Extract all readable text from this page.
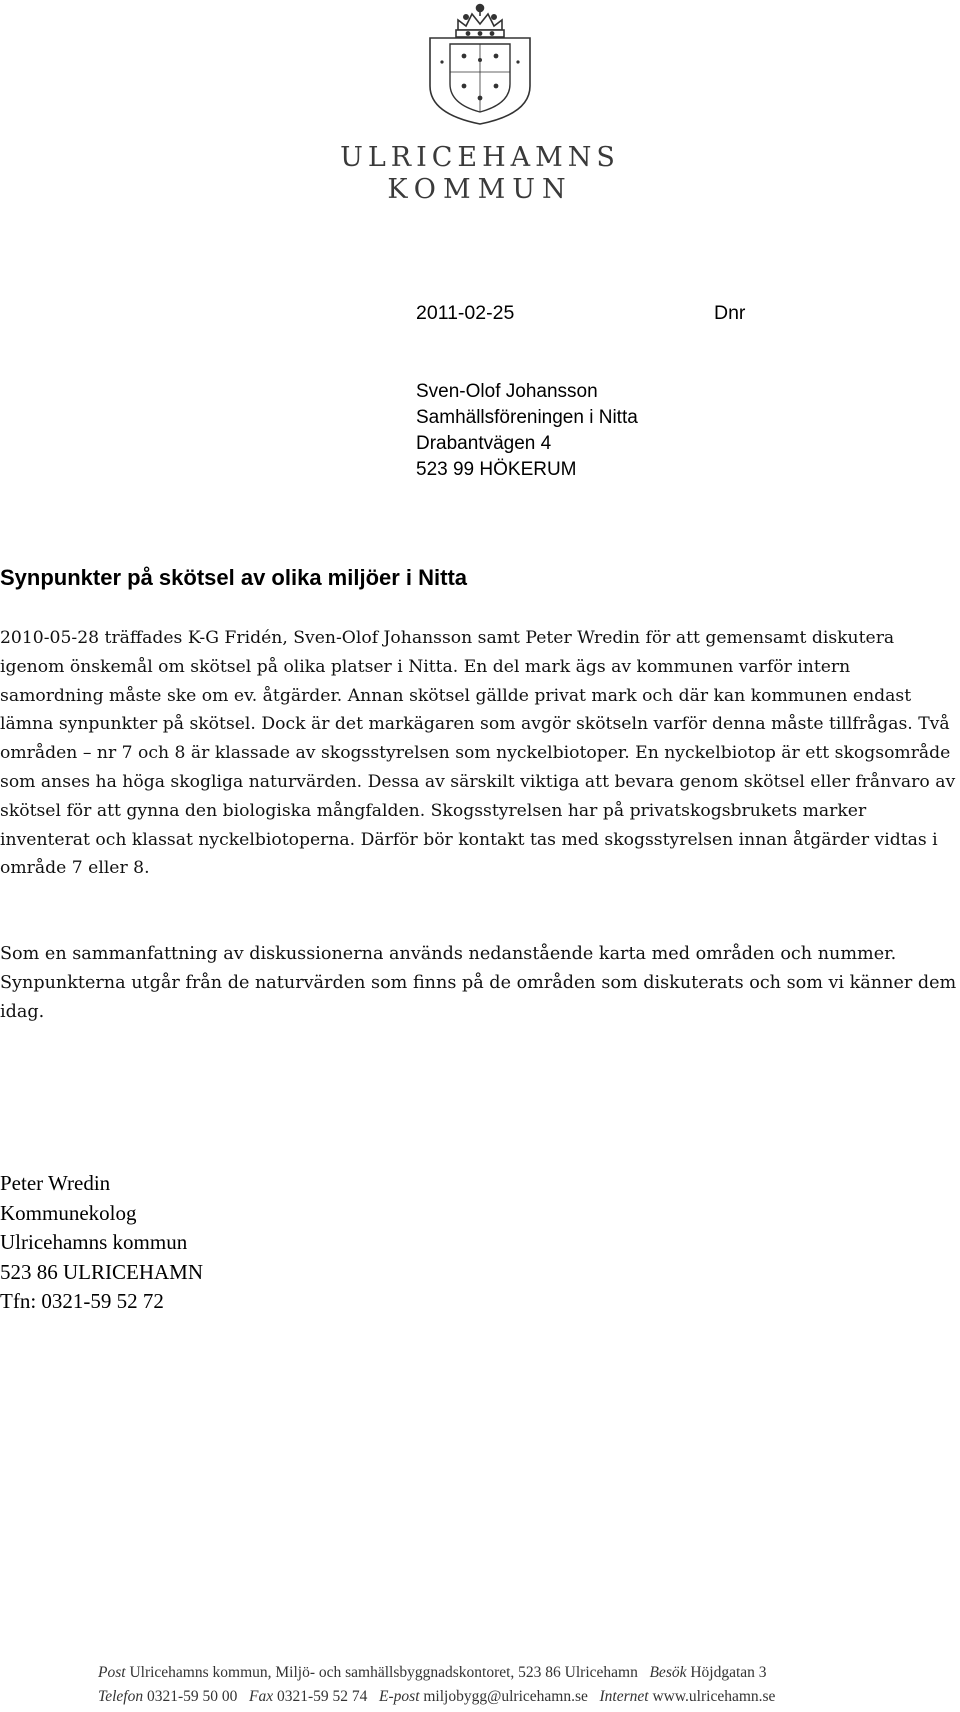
ULRICEHAMNS
KOMMUN
2011-02-25	Dnr
Sven-Olof Johansson
Samhällsföreningen i Nitta
Drabantvägen 4
523 99 HÖKERUM
Synpunkter på skötsel av olika miljöer i Nitta
2010-05-28 träffades K-G Fridén, Sven-Olof Johansson samt Peter Wredin för att gemensamt diskutera igenom önskemål om skötsel på olika platser i Nitta. En del mark ägs av kommunen varför intern samordning måste ske om ev. åtgärder. Annan skötsel gällde privat mark och där kan kommunen endast lämna synpunkter på skötsel. Dock är det markägaren som avgör skötseln varför denna måste tillfrågas. Två områden – nr 7 och 8 är klassade av skogsstyrelsen som nyckelbiotoper. En nyckelbiotop är ett skogsområde som anses ha höga skogliga naturvärden. Dessa av särskilt viktiga att bevara genom skötsel eller frånvaro av skötsel för att gynna den biologiska mångfalden. Skogsstyrelsen har på privatskogsbrukets marker inventerat och klassat nyckelbiotoperna. Därför bör kontakt tas med skogsstyrelsen innan åtgärder vidtas i område 7 eller 8.
Som en sammanfattning av diskussionerna används nedanstående karta med områden och nummer. Synpunkterna utgår från de naturvärden som finns på de områden som diskuterats och som vi känner dem idag.
Peter Wredin
Kommunekolog
Ulricehamns kommun
523 86 ULRICEHAMN
Tfn: 0321-59 52 72
Post Ulricehamns kommun, Miljö- och samhällsbyggnadskontoret, 523 86 Ulricehamn Besök Höjdgatan 3
Telefon 0321-59 50 00 Fax 0321-59 52 74 E-post miljobygg@ulricehamn.se Internet www.ulricehamn.se
